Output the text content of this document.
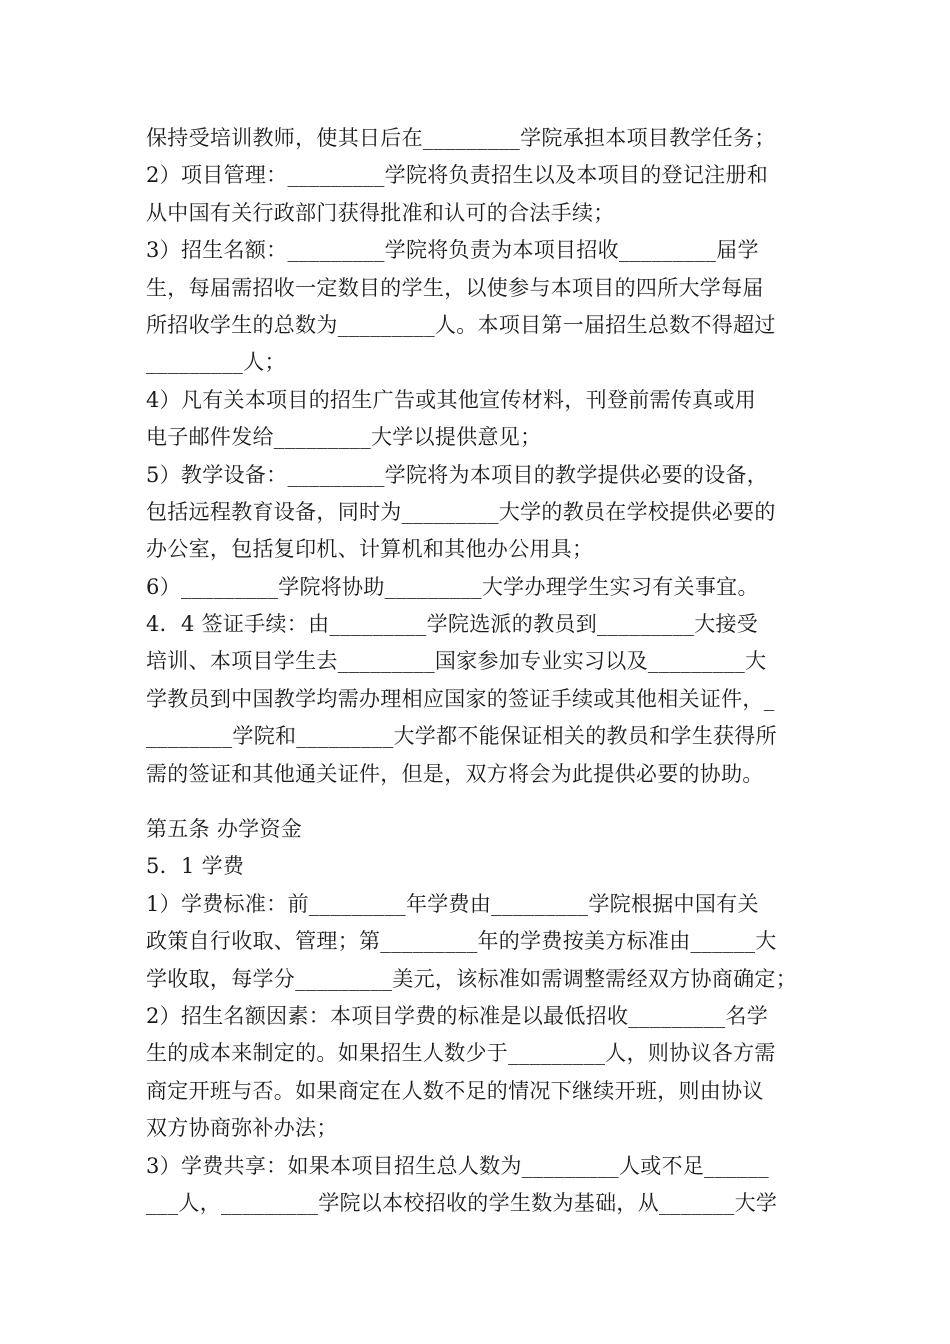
保持受培训教师，使其日后在_________学院承担本项目教学任务；
2）项目管理：_________学院将负责招生以及本项目的登记注册和
从中国有关行政部门获得批准和认可的合法手续；
3）招生名额：_________学院将负责为本项目招收_________届学
生，每届需招收一定数目的学生，以使参与本项目的四所大学每届
所招收学生的总数为_________人。本项目第一届招生总数不得超过
_________人；
4）凡有关本项目的招生广告或其他宣传材料，刊登前需传真或用
电子邮件发给_________大学以提供意见；
5）教学设备：_________学院将为本项目的教学提供必要的设备，
包括远程教育设备，同时为_________大学的教员在学校提供必要的
办公室，包括复印机、计算机和其他办公用具；
6）_________学院将协助_________大学办理学生实习有关事宜。
4．4 签证手续：由_________学院选派的教员到_________大接受
培训、本项目学生去_________国家参加专业实习以及_________大
学教员到中国教学均需办理相应国家的签证手续或其他相关证件，_
________学院和_________大学都不能保证相关的教员和学生获得所
需的签证和其他通关证件，但是，双方将会为此提供必要的协助。
第五条 办学资金
5．1 学费
1）学费标准：前_________年学费由_________学院根据中国有关
政策自行收取、管理；第_________年的学费按美方标准由______大
学收取，每学分_________美元，该标准如需调整需经双方协商确定；
2）招生名额因素：本项目学费的标准是以最低招收_________名学
生的成本来制定的。如果招生人数少于_________人，则协议各方需
商定开班与否。如果商定在人数不足的情况下继续开班，则由协议
双方协商弥补办法；
3）学费共享：如果本项目招生总人数为_________人或不足______
___人，_________学院以本校招收的学生数为基础，从_______大学
